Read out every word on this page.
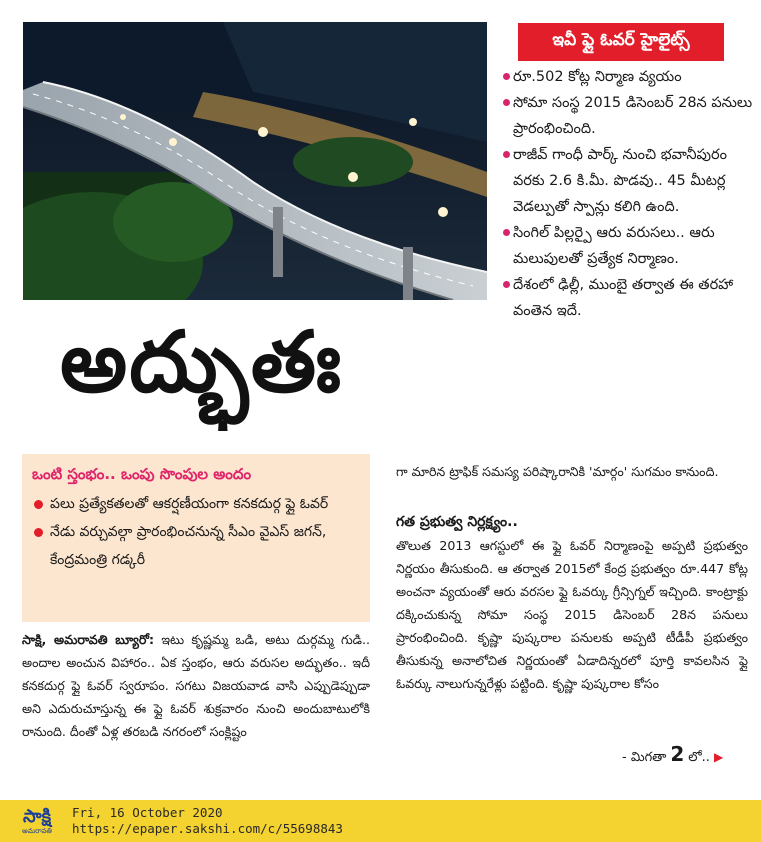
ఇవీ ఫ్లై ఓవర్ హైలైట్స్
రూ.502 కోట్ల నిర్మాణ వ్యయం
సోమా సంస్థ 2015 డిసెంబర్ 28న పనులు ప్రారంభించింది.
రాజీవ్ గాంధీ పార్క్ నుంచి భవానీపురం వరకు 2.6 కి.మీ. పొడవు.. 45 మీటర్ల వెడల్పుతో స్పాన్లు కలిగి ఉంది.
సింగిల్ పిల్లర్పై ఆరు వరుసలు.. ఆరు మలుపులతో ప్రత్యేక నిర్మాణం.
దేశంలో ఢిల్లీ, ముంబై తర్వాత ఈ తరహా వంతెన ఇదే.
అద్భుతః
ఒంటి స్తంభం.. ఒంపు సొంపుల అందం
పలు ప్రత్యేకతలతో ఆకర్షణీయంగా కనకదుర్గ ఫ్లై ఓవర్
నేడు వర్చువల్గా ప్రారంభించనున్న సీఎం వైఎస్ జగన్, కేంద్రమంత్రి గడ్కరీ
సాక్షి, అమరావతి బ్యూరో: ఇటు కృష్ణమ్మ ఒడి, అటు దుర్గమ్మ గుడి.. అందాల అంచున విహారం.. ఏక స్తంభం, ఆరు వరుసల అద్భుతం.. ఇదీ కనకదుర్గ ఫ్లై ఓవర్ స్వరూపం. సగటు విజయవాడ వాసి ఎప్పుడెప్పుడా అని ఎదురుచూస్తున్న ఈ ఫ్లై ఓవర్ శుక్రవారం నుంచి అందుబాటులోకి రానుంది. దీంతో ఏళ్ల తరబడి నగరంలో సంక్లిష్టం
గా మారిన ట్రాఫిక్ సమస్య పరిష్కారానికి 'మార్గం' సుగమం కానుంది.
గత ప్రభుత్వ నిర్లక్ష్యం..
తొలుత 2013 ఆగస్టులో ఈ ఫ్లై ఓవర్ నిర్మాణంపై అప్పటి ప్రభుత్వం నిర్ణయం తీసుకుంది. ఆ తర్వాత 2015లో కేంద్ర ప్రభుత్వం రూ.447 కోట్ల అంచనా వ్యయంతో ఆరు వరసల ఫ్లై ఓవర్కు గ్రీన్సిగ్నల్ ఇచ్చింది. కాంట్రాక్టు దక్కించుకున్న సోమా సంస్థ 2015 డిసెంబర్ 28న పనులు ప్రారంభించింది. కృష్ణా పుష్కరాల పనులకు అప్పటి టీడీపీ ప్రభుత్వం తీసుకున్న అనాలోచిత నిర్ణయంతో ఏడాదిన్నరలో పూర్తి కావలసిన ఫ్లై ఓవర్కు నాలుగున్నరేళ్లు పట్టింది. కృష్ణా పుష్కరాల కోసం
- మిగతా 2 లో.. ▶
సాక్షి
అమరావతి
Fri, 16 October 2020
https://epaper.sakshi.com/c/55698843
